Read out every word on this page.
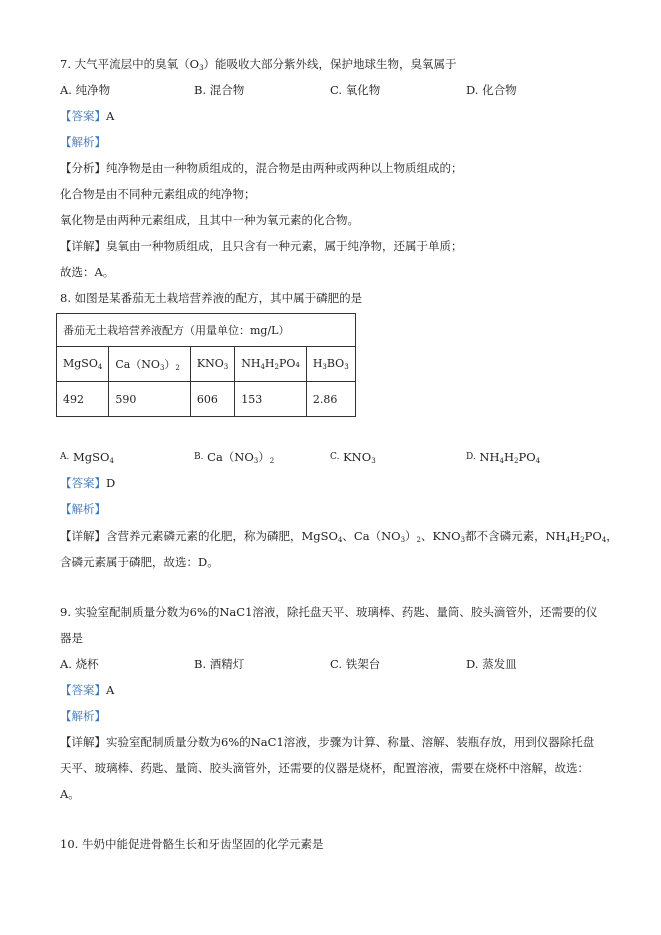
7. 大气平流层中的臭氧$(O_3)$能吸收大部分紫外线，保护地球生物，臭氧属于
A. 纯净物	B. 混合物	C. 氧化物	D. 化合物
【答案】A
【解析】
【分析】纯净物是由一种物质组成的，混合物是由两种或两种以上物质组成的；
化合物是由不同种元素组成的纯净物；
氧化物是由两种元素组成，且其中一种为氧元素的化合物。
【详解】臭氧由一种物质组成，且只含有一种元素，属于纯净物，还属于单质；
故选：A。
8. 如图是某番茄无土栽培营养液的配方，其中属于磷肥的是
番茄无土栽培营养液配方（用量单位：mg/L）				
MgSO$_4$	$Ca(NO_3)_2$	$KNO_3$	$NH_4H_2PO_4$	$H_3BO_3$
492	590	606	153	2.86
A. MgSO$_4$	B. $Ca(NO_3)_2$	C. $KNO_3$	D. $NH_4H_2PO_4$
【答案】D
【解析】
【详解】含营养元素磷元素的化肥，称为磷肥，MgSO$_4$、$Ca(NO_3)_2$、$KNO_3$都不含磷元素，$NH_4H_2PO_4$，
含磷元素属于磷肥，故选：D。
9. 实验室配制质量分数为6%的NaC1溶液，除托盘天平、玻璃棒、药匙、量筒、胶头滴管外，还需要的仪
器是
A. 烧杯	B. 酒精灯	C. 铁架台	D. 蒸发皿
【答案】A
【解析】
【详解】实验室配制质量分数为6%的NaC1溶液，步骤为计算、称量、溶解、装瓶存放，用到仪器除托盘
天平、玻璃棒、药匙、量筒、胶头滴管外，还需要的仪器是烧杯，配置溶液，需要在烧杯中溶解，故选：
A。
10. 牛奶中能促进骨骼生长和牙齿坚固的化学元素是
